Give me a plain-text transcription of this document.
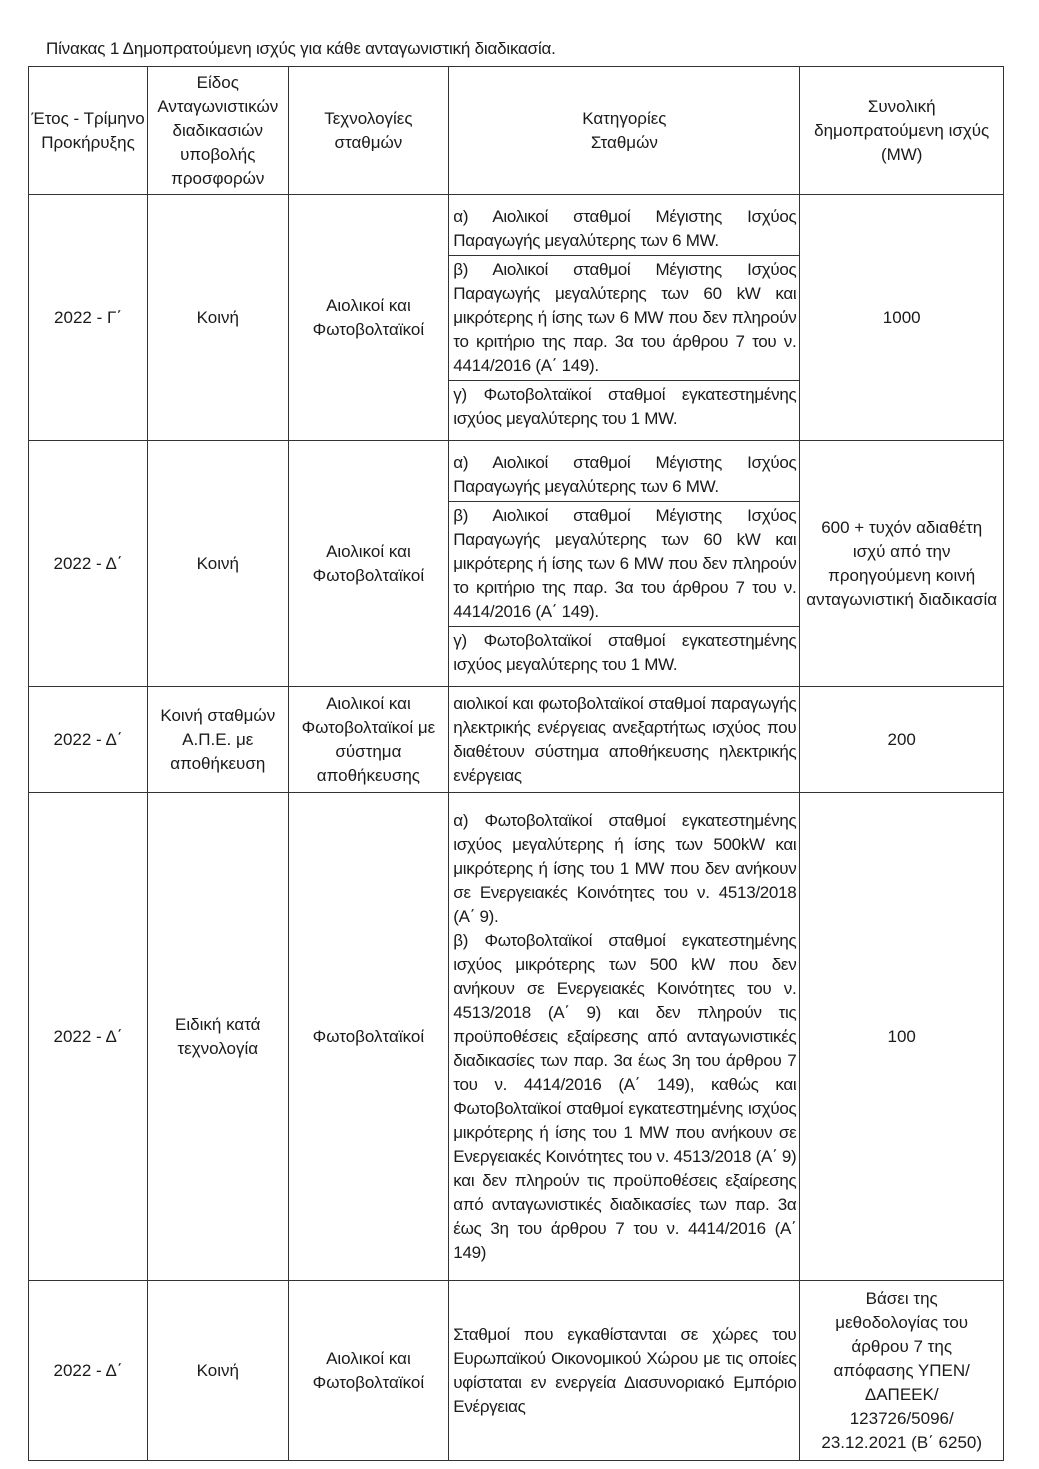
Πίνακας 1 Δημοπρατούμενη ισχύς για κάθε ανταγωνιστική διαδικασία.
Έτος - Τρίμηνο Προκήρυξης	Είδος Ανταγωνιστικών διαδικασιών υποβολής προσφορών	Τεχνολογίες σταθμών	Κατηγορίες Σταθμών	Συνολική δημοπρατούμενη ισχύς (MW)

2022 - Γ΄	Κοινή	Αιολικοί και Φωτοβολταϊκοί	α) Αιολικοί σταθμοί Μέγιστης Ισχύος Παραγωγής μεγαλύτερης των 6 MW.
β) Αιολικοί σταθμοί Μέγιστης Ισχύος Παραγωγής μεγαλύτερης των 60 kW και μικρότερης ή ίσης των 6 MW που δεν πληρούν το κριτήριο της παρ. 3α του άρθρου 7 του ν. 4414/2016 (Α΄ 149).
γ) Φωτοβολταϊκοί σταθμοί εγκατεστημένης ισχύος μεγαλύτερης του 1 MW.	1000

2022 - Δ΄	Κοινή	Αιολικοί και Φωτοβολταϊκοί	α) Αιολικοί σταθμοί Μέγιστης Ισχύος Παραγωγής μεγαλύτερης των 6 MW.
β) Αιολικοί σταθμοί Μέγιστης Ισχύος Παραγωγής μεγαλύτερης των 60 kW και μικρότερης ή ίσης των 6 MW που δεν πληρούν το κριτήριο της παρ. 3α του άρθρου 7 του ν. 4414/2016 (Α΄ 149).
γ) Φωτοβολταϊκοί σταθμοί εγκατεστημένης ισχύος μεγαλύτερης του 1 MW.	600 + τυχόν αδιαθέτη ισχύ από την προηγούμενη κοινή ανταγωνιστική διαδικασία

2022 - Δ΄	Κοινή σταθμών Α.Π.Ε. με αποθήκευση	Αιολικοί και Φωτοβολταϊκοί με σύστημα αποθήκευσης	αιολικοί και φωτοβολταϊκοί σταθμοί παραγωγής ηλεκτρικής ενέργειας ανεξαρτήτως ισχύος που διαθέτουν σύστημα αποθήκευσης ηλεκτρικής ενέργειας	200

2022 - Δ΄	Ειδική κατά τεχνολογία	Φωτοβολταϊκοί	α) Φωτοβολταϊκοί σταθμοί εγκατεστημένης ισχύος μεγαλύτερης ή ίσης των 500kW και μικρότερης ή ίσης του 1 MW που δεν ανήκουν σε Ενεργειακές Κοινότητες του ν. 4513/2018 (Α΄ 9).
β) Φωτοβολταϊκοί σταθμοί εγκατεστημένης ισχύος μικρότερης των 500 kW που δεν ανήκουν σε Ενεργειακές Κοινότητες του ν. 4513/2018 (Α΄ 9) και δεν πληρούν τις προϋποθέσεις εξαίρεσης από ανταγωνιστικές διαδικασίες των παρ. 3α έως 3η του άρθρου 7 του ν. 4414/2016 (Α΄ 149), καθώς και Φωτοβολταϊκοί σταθμοί εγκατεστημένης ισχύος μικρότερης ή ίσης του 1 MW που ανήκουν σε Ενεργειακές Κοινότητες του ν. 4513/2018 (Α΄ 9) και δεν πληρούν τις προϋποθέσεις εξαίρεσης από ανταγωνιστικές διαδικασίες των παρ. 3α έως 3η του άρθρου 7 του ν. 4414/2016 (Α΄ 149)	100

2022 - Δ΄	Κοινή	Αιολικοί και Φωτοβολταϊκοί	Σταθμοί που εγκαθίστανται σε χώρες του Ευρωπαϊκού Οικονομικού Χώρου με τις οποίες υφίσταται εν ενεργεία Διασυνοριακό Εμπόριο Ενέργειας	Βάσει της μεθοδολογίας του άρθρου 7 της απόφασης ΥΠΕΝ/ΔΑΠΕΕΚ/ 123726/5096/ 23.12.2021 (Β΄ 6250)
